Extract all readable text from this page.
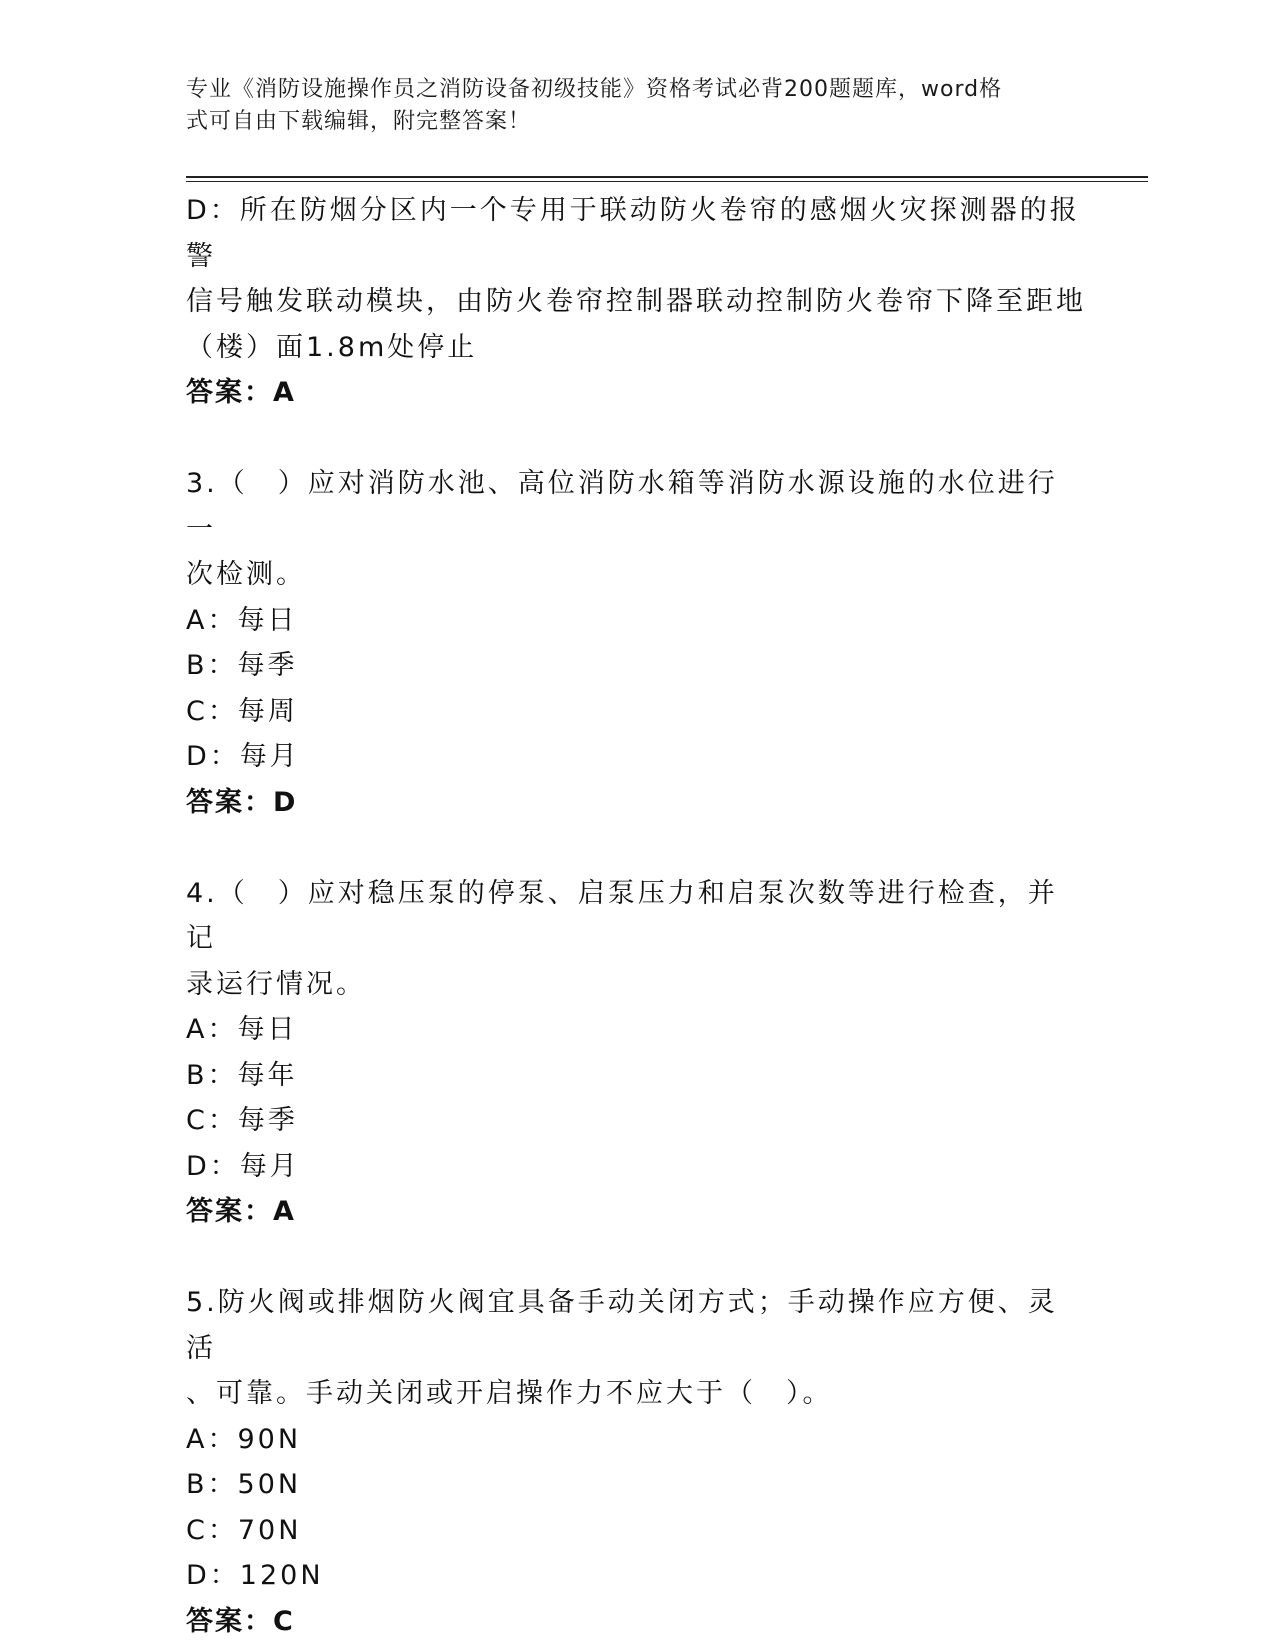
专业《消防设施操作员之消防设备初级技能》资格考试必背200题题库，word格
式可自由下载编辑，附完整答案！

D：所在防烟分区内一个专用于联动防火卷帘的感烟火灾探测器的报警

信号触发联动模块，由防火卷帘控制器联动控制防火卷帘下降至距地

（楼）面1.8m处停止

答案：A

3.（　）应对消防水池、高位消防水箱等消防水源设施的水位进行一

次检测。

A：每日

B：每季

C：每周

D：每月

答案：D

4.（　）应对稳压泵的停泵、启泵压力和启泵次数等进行检查，并记

录运行情况。

A：每日

B：每年

C：每季

D：每月

答案：A

5.防火阀或排烟防火阀宜具备手动关闭方式；手动操作应方便、灵活

、可靠。手动关闭或开启操作力不应大于（　）。

A：90N

B：50N

C：70N

D：120N

答案：C
